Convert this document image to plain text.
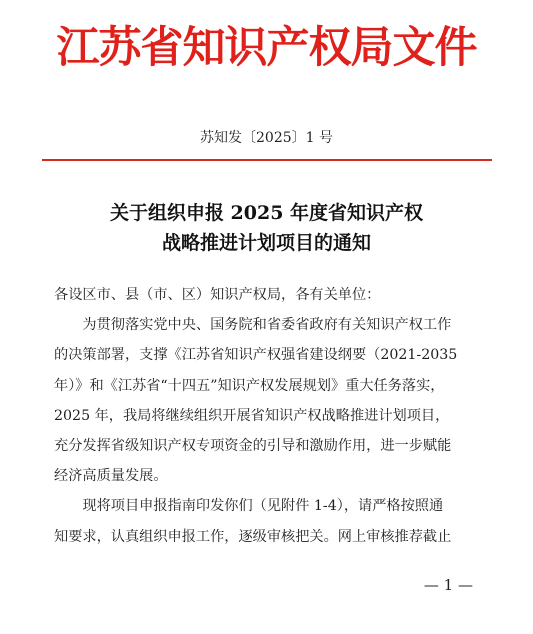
江苏省知识产权局文件
苏知发〔2025〕1 号
关于组织申报 2025 年度省知识产权
战略推进计划项目的通知
各设区市、县（市、区）知识产权局，各有关单位：
　　为贯彻落实党中央、国务院和省委省政府有关知识产权工作
的决策部署，支撑《江苏省知识产权强省建设纲要（2021-2035
年）》和《江苏省“十四五”知识产权发展规划》重大任务落实，
2025 年，我局将继续组织开展省知识产权战略推进计划项目，
充分发挥省级知识产权专项资金的引导和激励作用，进一步赋能
经济高质量发展。
　　现将项目申报指南印发你们（见附件 1-4），请严格按照通
知要求，认真组织申报工作，逐级审核把关。网上审核推荐截止
— 1 —
